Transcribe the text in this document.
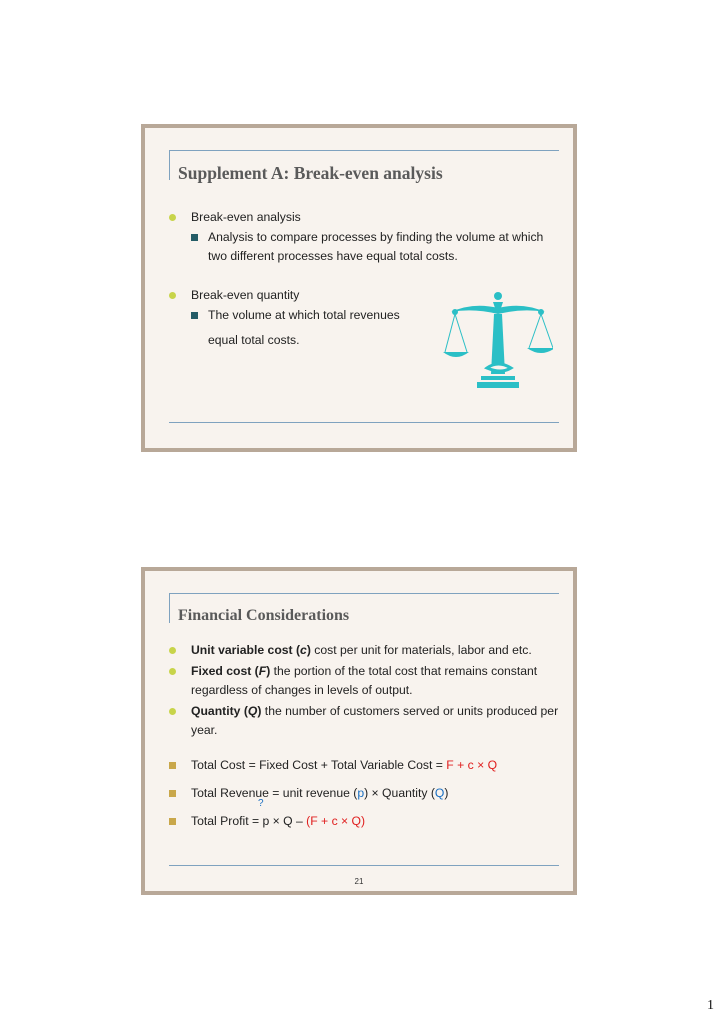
Supplement A: Break-even analysis
Break-even analysis
Analysis to compare processes by finding the volume at which two different processes have equal total costs.
Break-even quantity
The volume at which total revenues
equal total costs.
Financial Considerations
Unit variable cost (c) cost per unit for materials, labor and etc.
Fixed cost (F) the portion of the total cost that remains constant regardless of changes in levels of output.
Quantity (Q) the number of customers served or units produced per year.
Total Cost = Fixed Cost + Total Variable Cost = F + c × Q
Total Revenue = unit revenue (p) × Quantity (Q)
?
Total Profit = p × Q – (F + c × Q)
21
1
